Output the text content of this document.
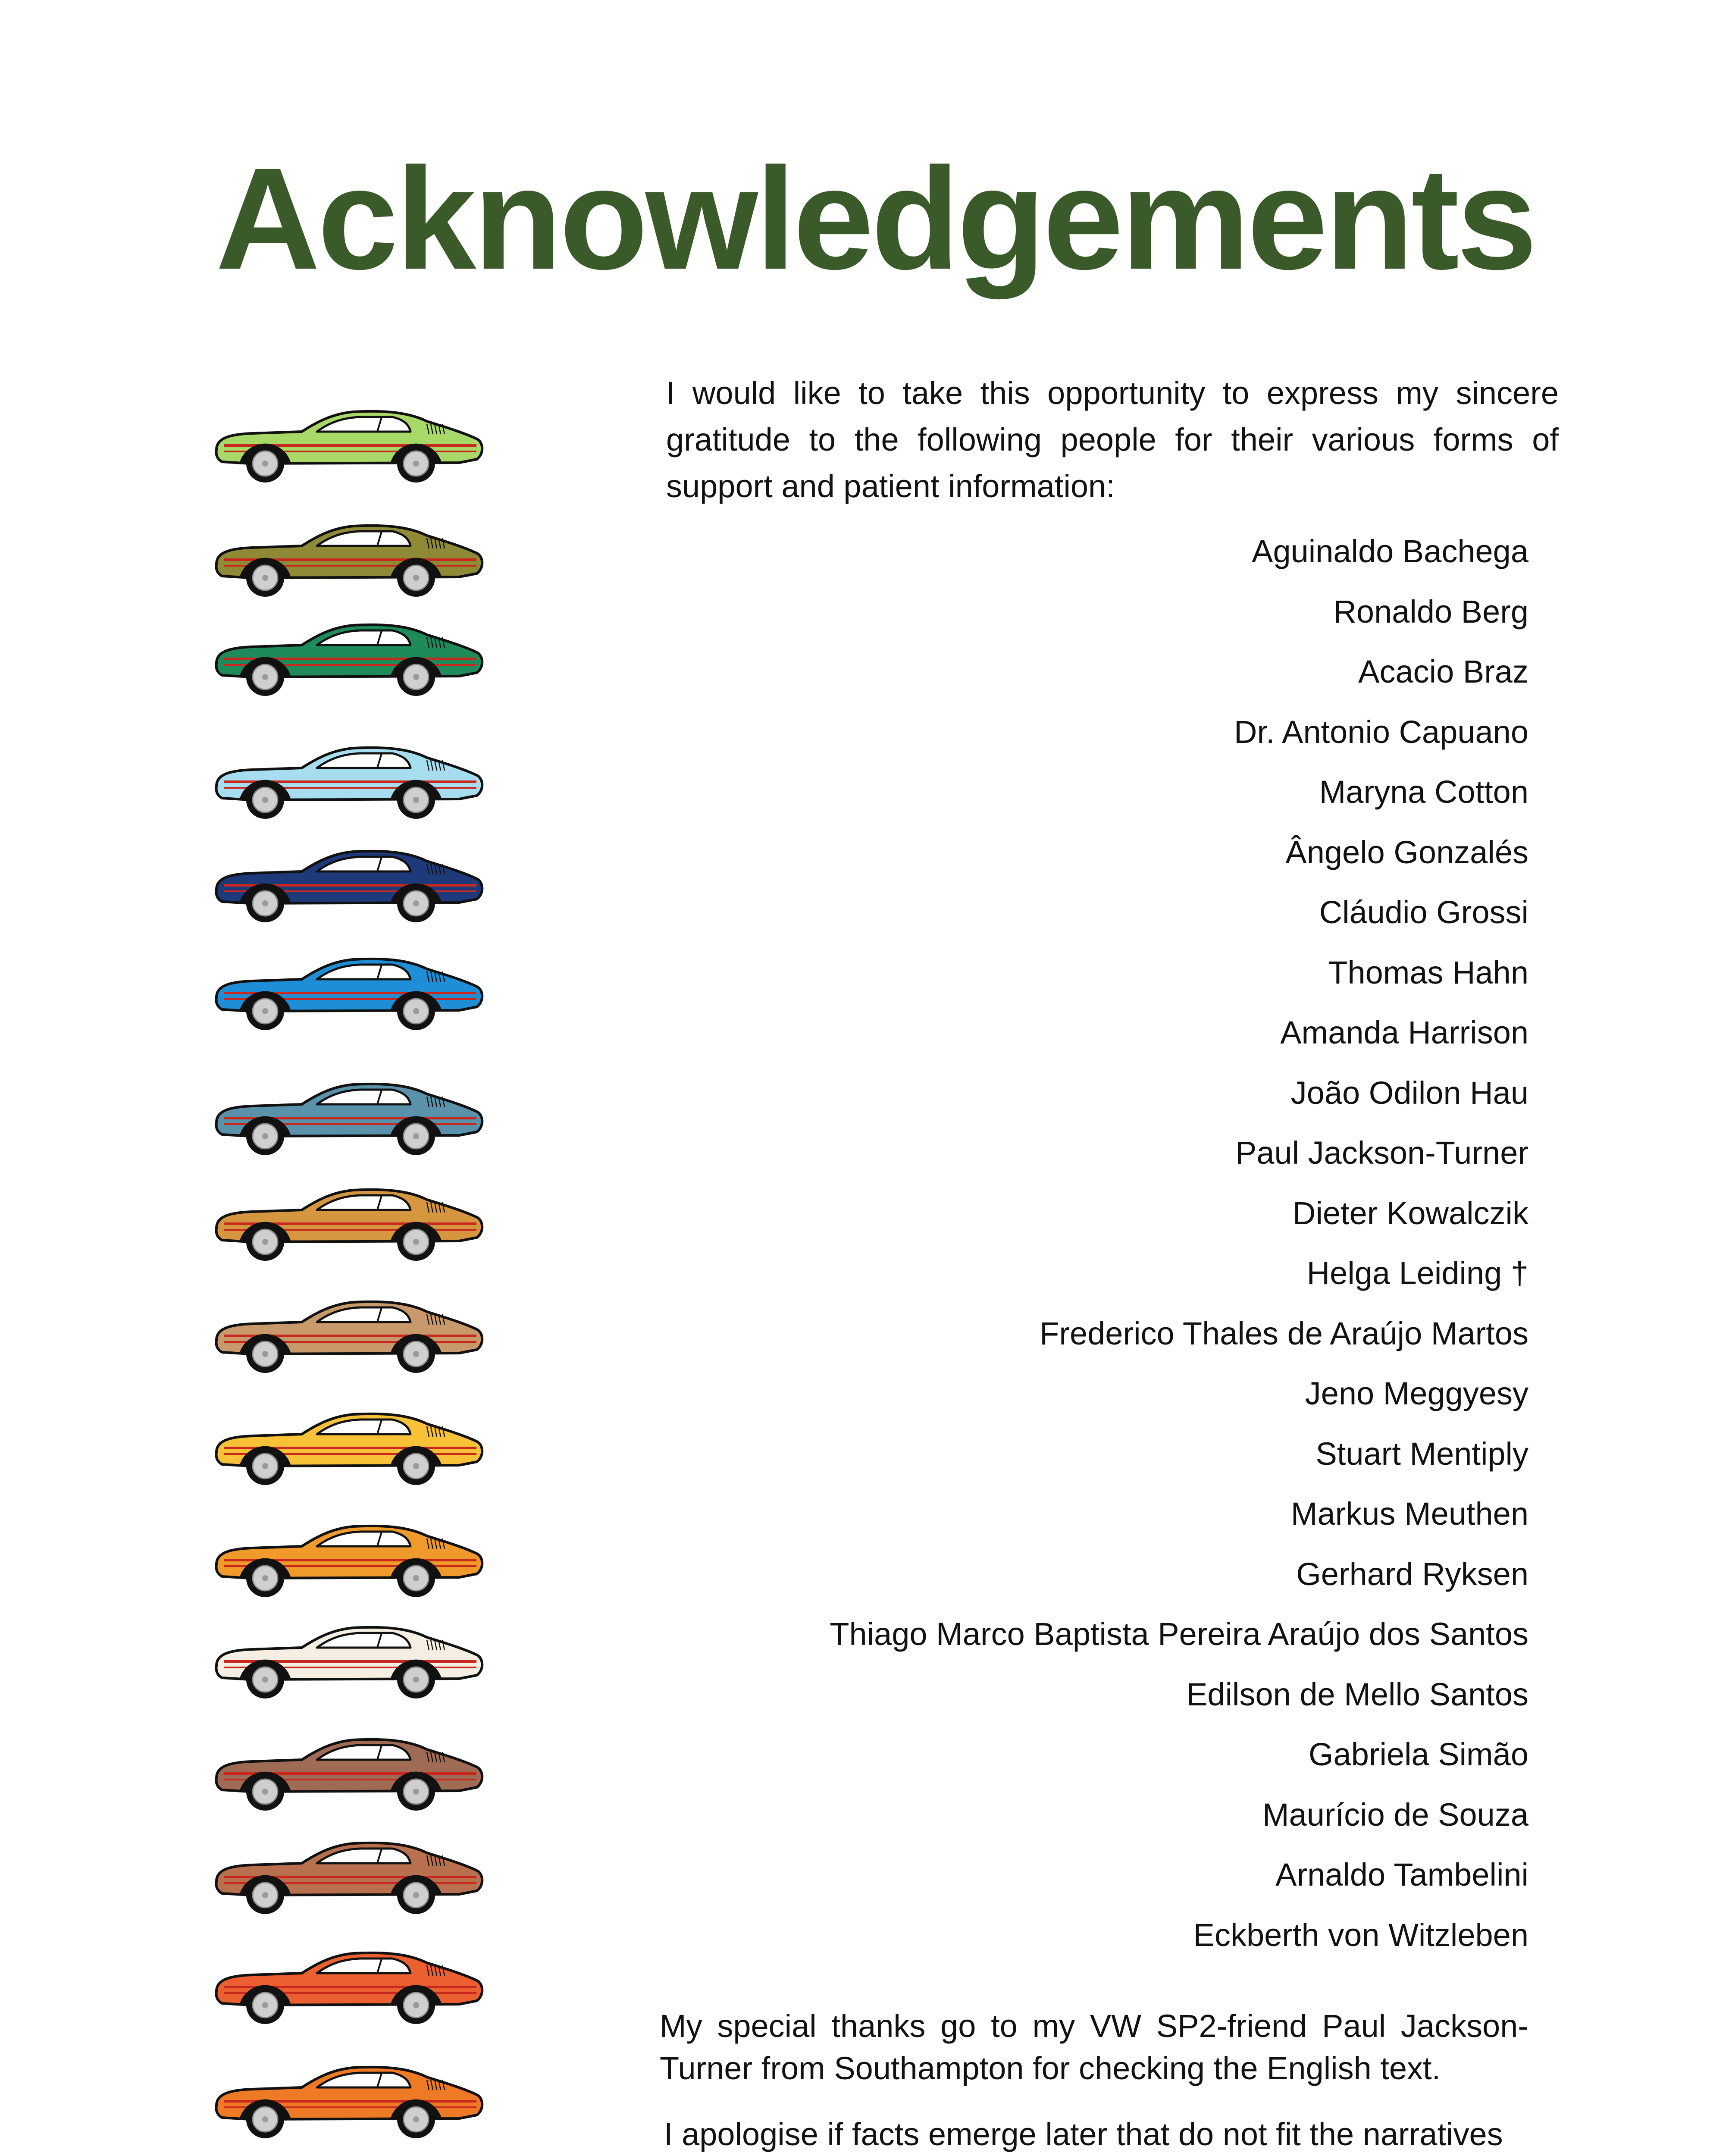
Acknowledgements

I would like to take this opportunity to express my sincere gratitude to the following people for their various forms of support and patient information:

Aguinaldo Bachega
Ronaldo Berg
Acacio Braz
Dr. Antonio Capuano
Maryna Cotton
Ângelo Gonzalés
Cláudio Grossi
Thomas Hahn
Amanda Harrison
João Odilon Hau
Paul Jackson-Turner
Dieter Kowalczik
Helga Leiding †
Frederico Thales de Araújo Martos
Jeno Meggyesy
Stuart Mentiply
Markus Meuthen
Gerhard Ryksen
Thiago Marco Baptista Pereira Araújo dos Santos
Edilson de Mello Santos
Gabriela Simão
Maurício de Souza
Arnaldo Tambelini
Eckberth von Witzleben

My special thanks go to my VW SP2-friend Paul Jackson-Turner from Southampton for checking the English text.

I apologise if facts emerge later that do not fit the narratives
